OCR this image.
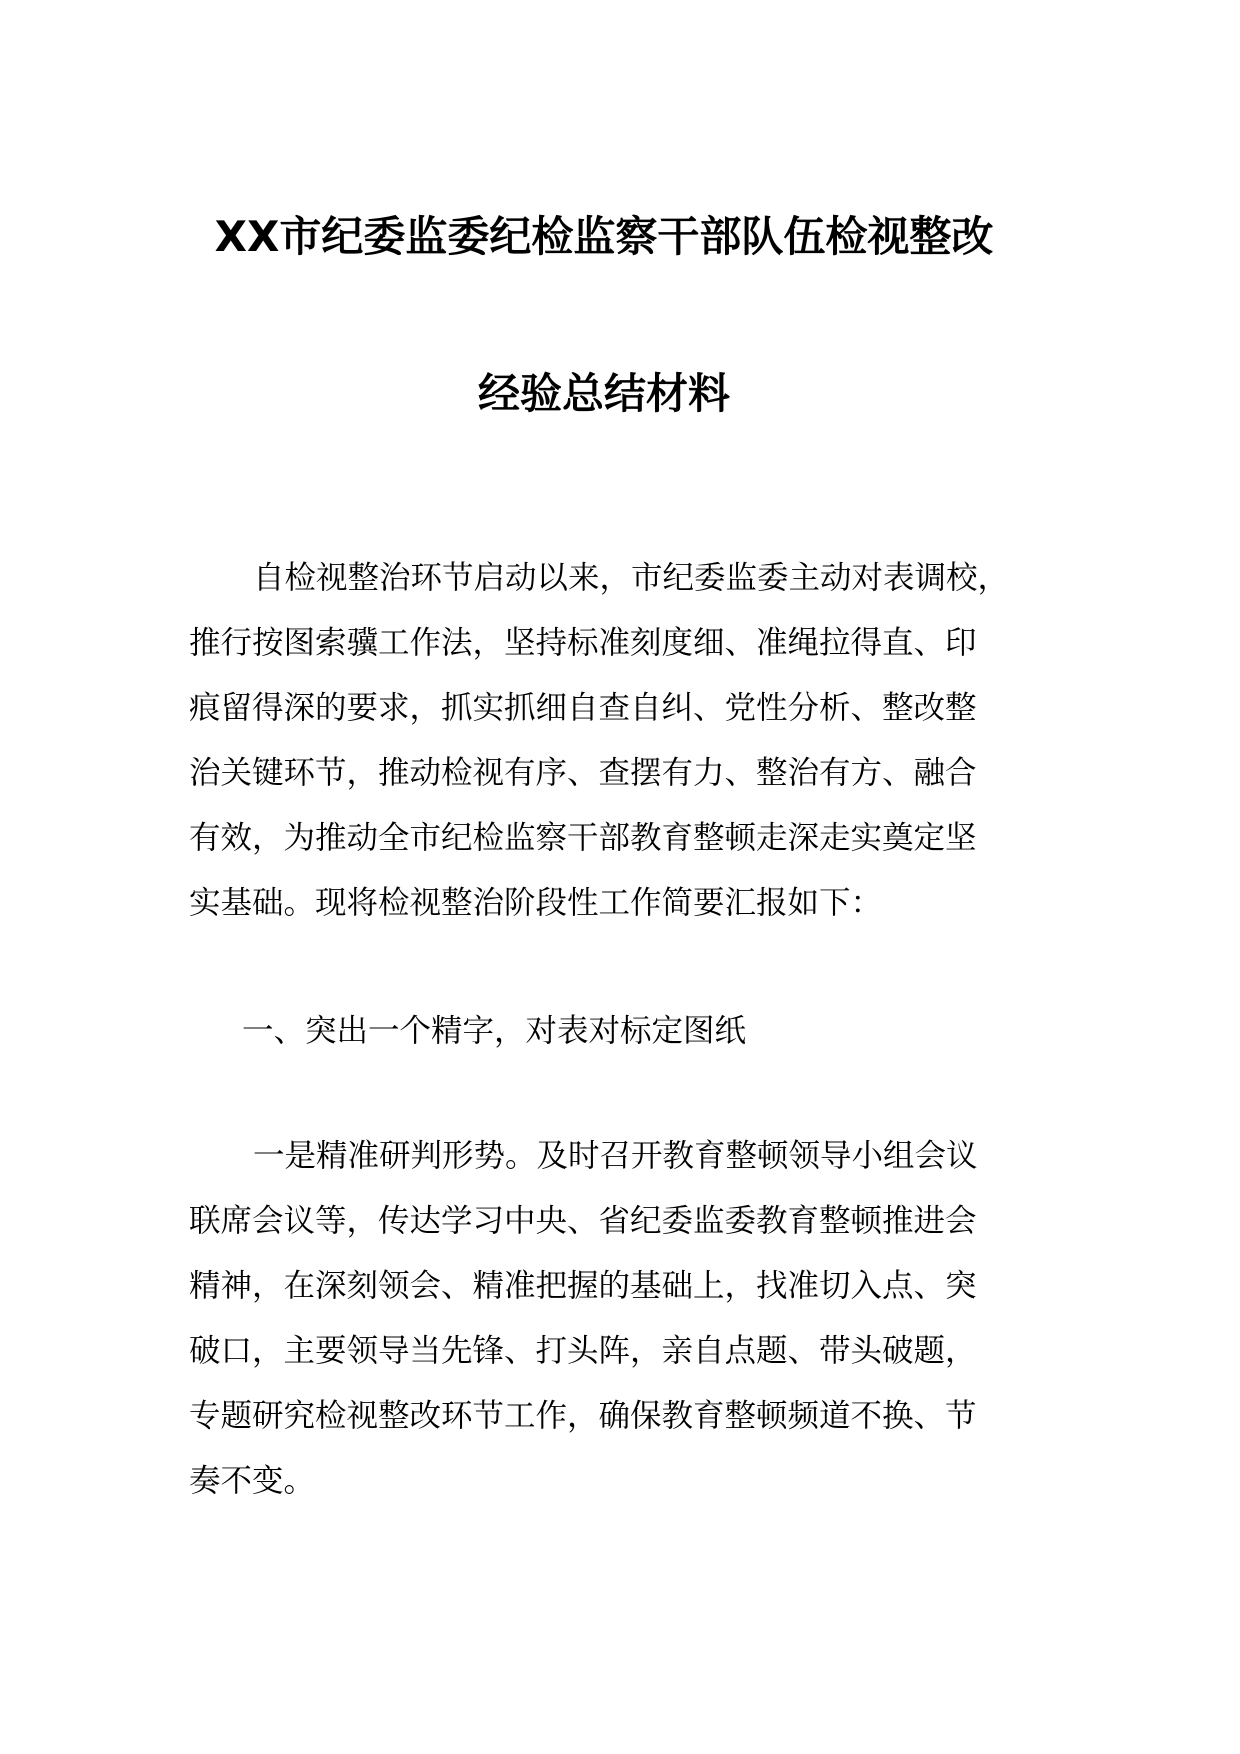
XX市纪委监委纪检监察干部队伍检视整改
经验总结材料
自检视整治环节启动以来，市纪委监委主动对表调校，
推行按图索骥工作法，坚持标准刻度细、准绳拉得直、印
痕留得深的要求，抓实抓细自查自纠、党性分析、整改整
治关键环节，推动检视有序、查摆有力、整治有方、融合
有效，为推动全市纪检监察干部教育整顿走深走实奠定坚
实基础。现将检视整治阶段性工作简要汇报如下：
一、突出一个精字，对表对标定图纸
一是精准研判形势。及时召开教育整顿领导小组会议
联席会议等，传达学习中央、省纪委监委教育整顿推进会
精神，在深刻领会、精准把握的基础上，找准切入点、突
破口，主要领导当先锋、打头阵，亲自点题、带头破题，
专题研究检视整改环节工作，确保教育整顿频道不换、节
奏不变。
